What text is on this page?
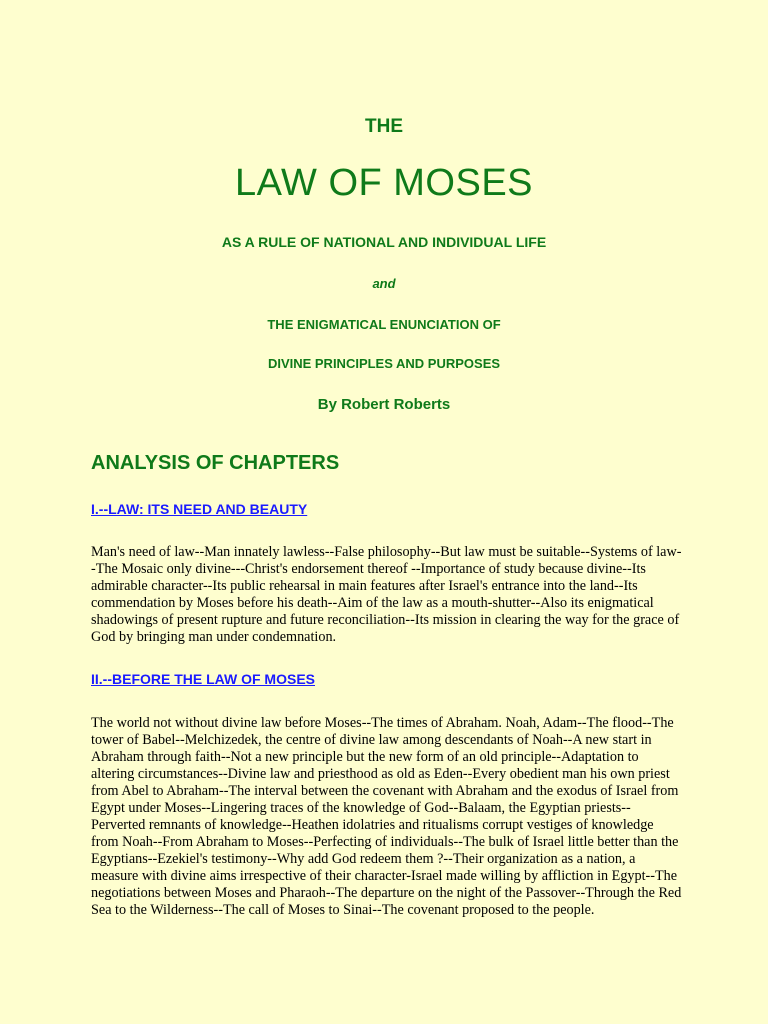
THE
LAW OF MOSES
AS A RULE OF NATIONAL AND INDIVIDUAL LIFE
and
THE ENIGMATICAL ENUNCIATION OF
DIVINE PRINCIPLES AND PURPOSES
By Robert Roberts
ANALYSIS OF CHAPTERS
I.--LAW: ITS NEED AND BEAUTY

Man's need of law--Man innately lawless--False philosophy--But law must be suitable--Systems of law--The Mosaic only divine---Christ's endorsement thereof --Importance of study because divine--Its admirable character--Its public rehearsal in main features after Israel's entrance into the land--Its commendation by Moses before his death--Aim of the law as a mouth-shutter--Also its enigmatical shadowings of present rupture and future reconciliation--Its mission in clearing the way for the grace of God by bringing man under condemnation.

II.--BEFORE THE LAW OF MOSES

The world not without divine law before Moses--The times of Abraham. Noah, Adam--The flood--The tower of Babel--Melchizedek, the centre of divine law among descendants of Noah--A new start in Abraham through faith--Not a new principle but the new form of an old principle--Adaptation to altering circumstances--Divine law and priesthood as old as Eden--Every obedient man his own priest from Abel to Abraham--The interval between the covenant with Abraham and the exodus of Israel from Egypt under Moses--Lingering traces of the knowledge of God--Balaam, the Egyptian priests--Perverted remnants of knowledge--Heathen idolatries and ritualisms corrupt vestiges of knowledge from Noah--From Abraham to Moses--Perfecting of individuals--The bulk of Israel little better than the Egyptians--Ezekiel's testimony--Why add God redeem them ?--Their organization as a nation, a measure with divine aims irrespective of their character-Israel made willing by affliction in Egypt--The negotiations between Moses and Pharaoh--The departure on the night of the Passover--Through the Red Sea to the Wilderness--The call of Moses to Sinai--The covenant proposed to the people.
